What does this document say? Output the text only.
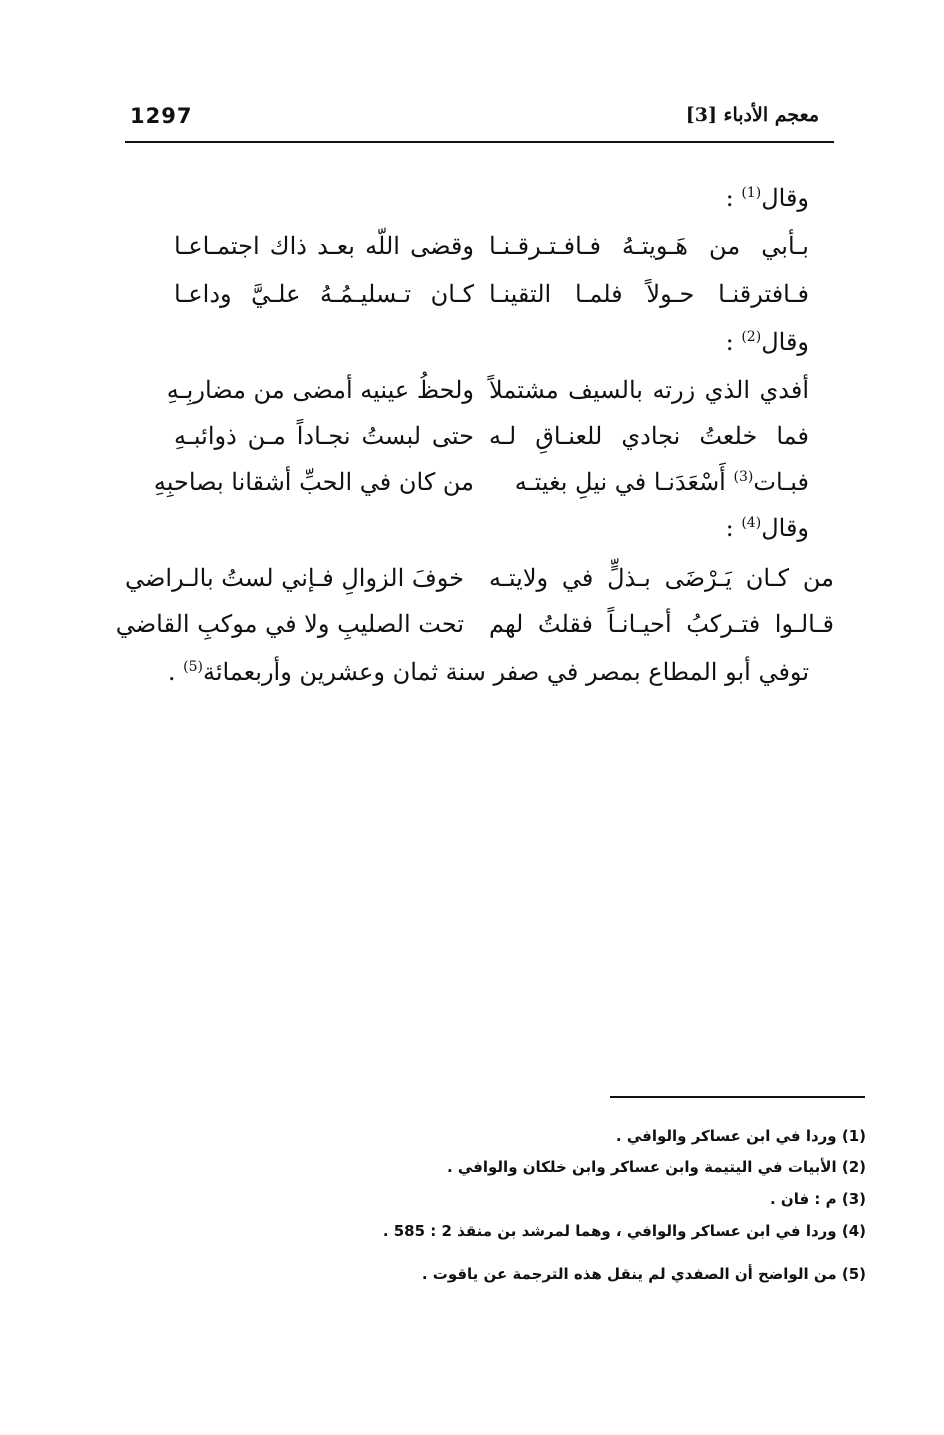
1297	معجم الأدباء [3]
وقال$^{(1)}$ :
بـأبي من هَـويتـهُ فـافـتـرقـنـا
وقضى اللّه بعـد ذاك اجتمـاعـا
فـافترقنـا حـولاً فلمـا التقينـا
كـان تـسليـمُـهُ علـيَّ وداعـا
وقال$^{(2)}$ :
أفدي الذي زرته بالسيف مشتملاً
ولحظُ عينيه أمضى من مضاربِـهِ
فما خلعتُ نجادي للعنـاقِ لـه
حتى لبستُ نجـاداً مـن ذوائبـهِ
فبـات$^{(3)}$ أَسْعَدَنـا في نيلِ بغيتـه
من كان في الحبِّ أشقانا بصاحبِهِ
وقال$^{(4)}$ :
من كـان يَـرْضَى بـذلٍّ في ولايتـه
خوفَ الزوالِ فـإني لستُ بالـراضي
قـالـوا فتـركبُ أحيـانـاً فقلتُ لهم
تحت الصليبِ ولا في موكبِ القاضي
توفي أبو المطاع بمصر في صفر سنة ثمان وعشرين وأربعمائة$^{(5)}$ .
(1) وردا في ابن عساكر والوافي .
(2) الأبيات في اليتيمة وابن عساكر وابن خلكان والوافي .
(3) م : فان .
(4) وردا في ابن عساكر والوافي ، وهما لمرشد بن منقذ 2 : 585 .
(5) من الواضح أن الصفدي لم ينقل هذه الترجمة عن ياقوت .
